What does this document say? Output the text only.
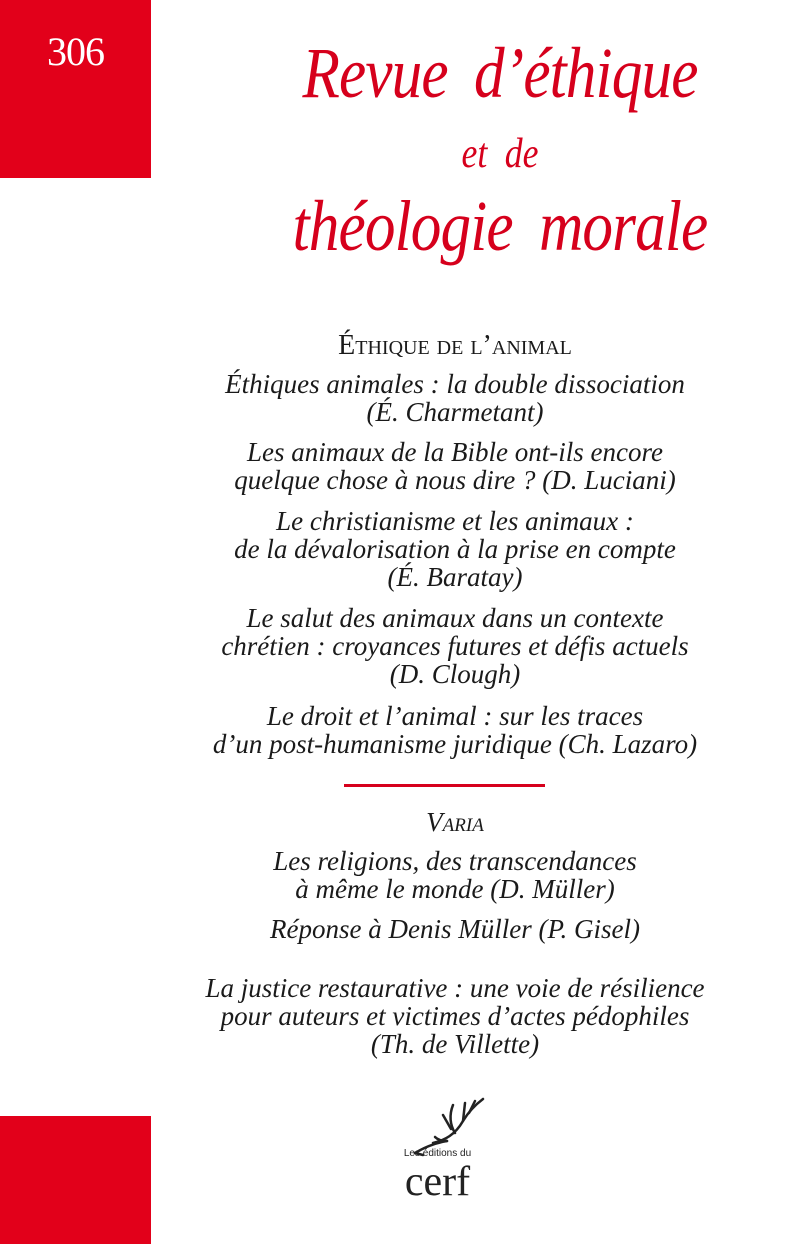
306	Revue d’éthique
et de
théologie morale
Éthique de l’animal
Éthiques animales : la double dissociation
(É. Charmetant)
Les animaux de la Bible ont-ils encore
quelque chose à nous dire ? (D. Luciani)
Le christianisme et les animaux :
de la dévalorisation à la prise en compte
(É. Baratay)
Le salut des animaux dans un contexte
chrétien : croyances futures et défis actuels
(D. Clough)
Le droit et l’animal : sur les traces
d’un post-humanisme juridique (Ch. Lazaro)
Varia
Les religions, des transcendances
à même le monde (D. Müller)
Réponse à Denis Müller (P. Gisel)
La justice restaurative : une voie de résilience
pour auteurs et victimes d’actes pédophiles
(Th. de Villette)
Les éditions du
cerf
